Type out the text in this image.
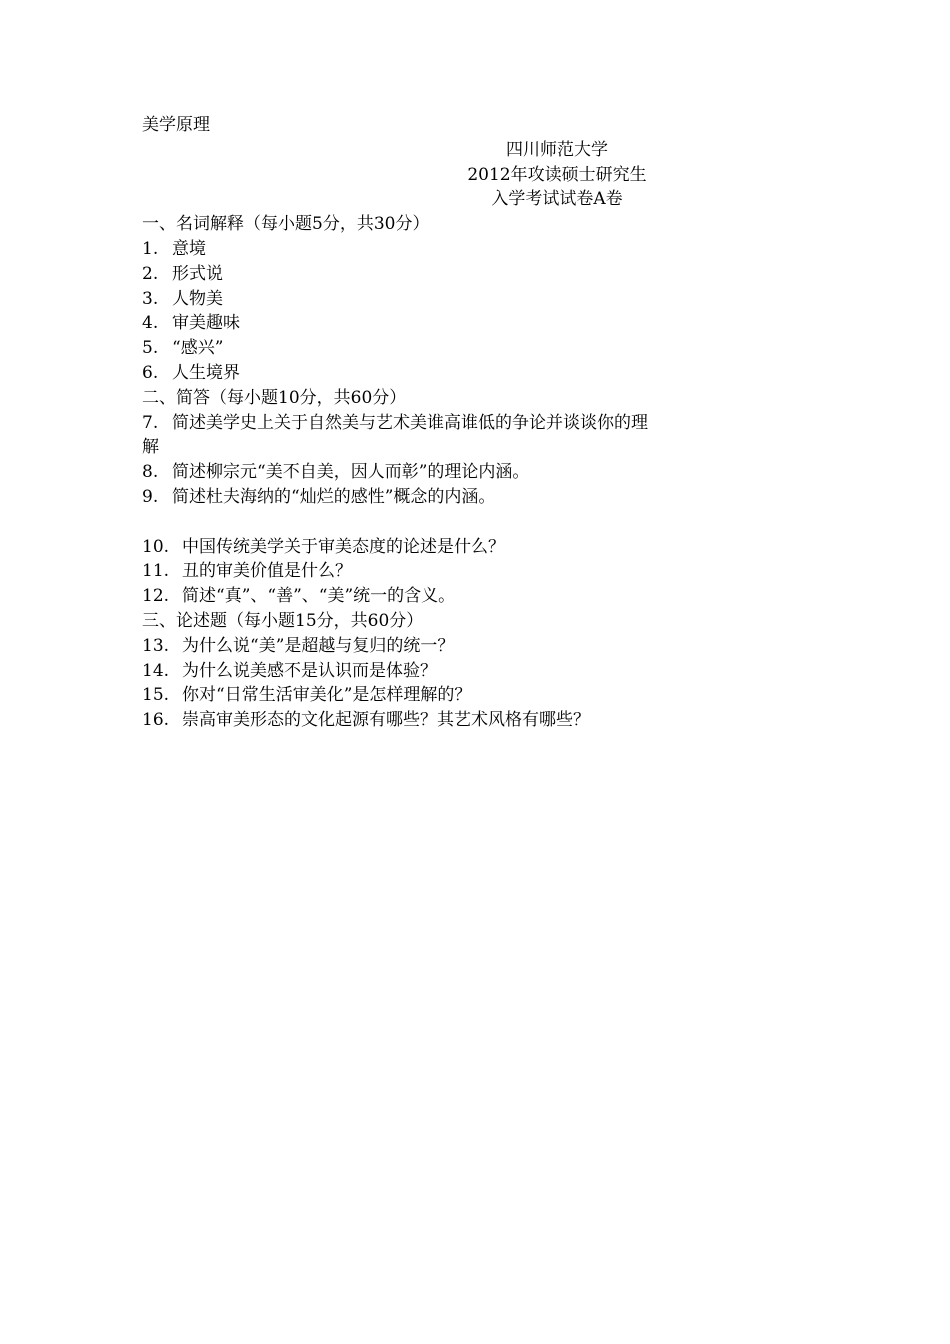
美学原理
四川师范大学
2012年攻读硕士研究生
入学考试试卷A卷
一、名词解释（每小题5分，共30分）
1. 意境
2. 形式说
3. 人物美
4. 审美趣味
5. “感兴”
6. 人生境界
二、简答（每小题10分，共60分）
7. 简述美学史上关于自然美与艺术美谁高谁低的争论并谈谈你的理
解
8. 简述柳宗元“美不自美，因人而彰”的理论内涵。
9. 简述杜夫海纳的“灿烂的感性”概念的内涵。
10. 中国传统美学关于审美态度的论述是什么？
11. 丑的审美价值是什么？
12. 简述“真”、“善”、“美”统一的含义。
三、论述题（每小题15分，共60分）
13. 为什么说“美”是超越与复归的统一？
14. 为什么说美感不是认识而是体验？
15. 你对“日常生活审美化”是怎样理解的？
16. 崇高审美形态的文化起源有哪些？其艺术风格有哪些？
